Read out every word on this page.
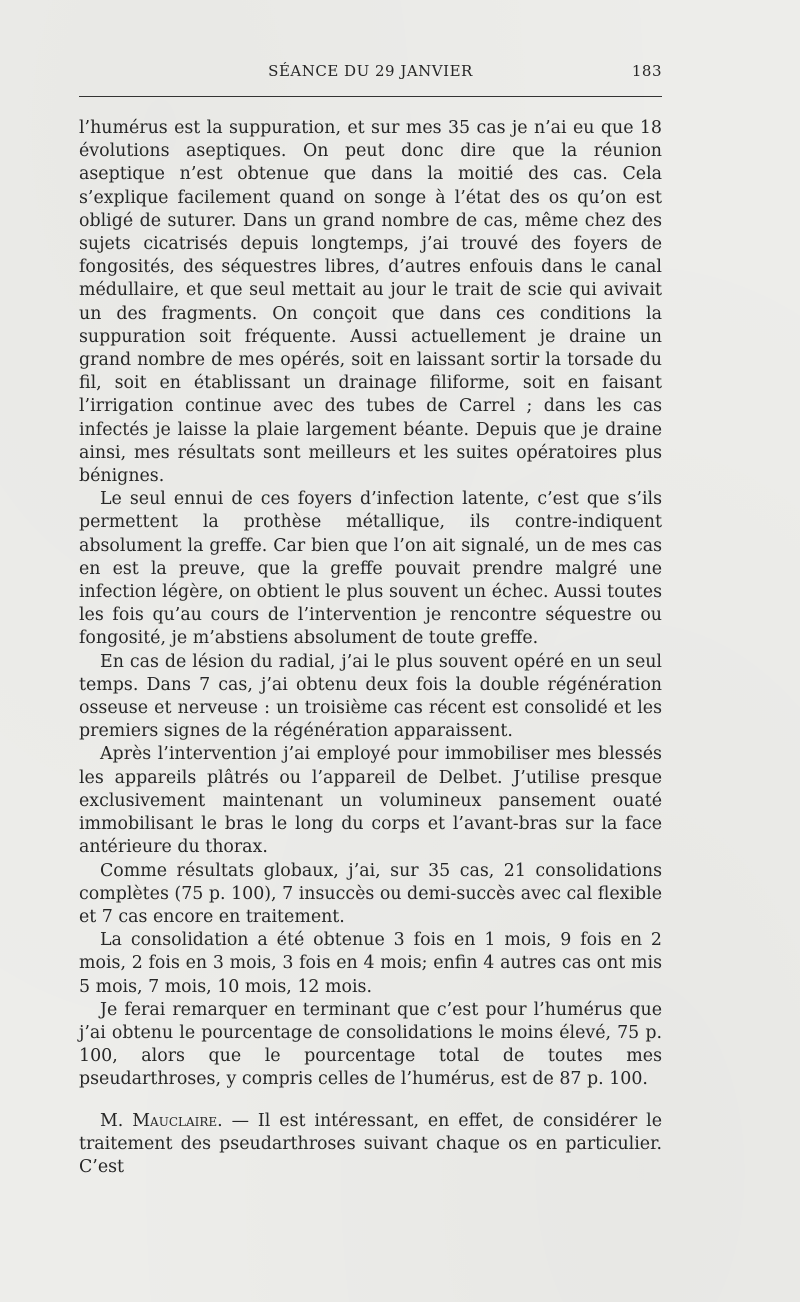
SÉANCE DU 29 JANVIER	183

l’humérus est la suppuration, et sur mes 35 cas je n’ai eu que 18 évolutions aseptiques. On peut donc dire que la réunion aseptique n’est obtenue que dans la moitié des cas. Cela s’explique facilement quand on songe à l’état des os qu’on est obligé de suturer. Dans un grand nombre de cas, même chez des sujets cicatrisés depuis longtemps, j’ai trouvé des foyers de fongosités, des séquestres libres, d’autres enfouis dans le canal médullaire, et que seul mettait au jour le trait de scie qui avivait un des fragments. On conçoit que dans ces conditions la suppuration soit fréquente. Aussi actuellement je draine un grand nombre de mes opérés, soit en laissant sortir la torsade du fil, soit en établissant un drainage filiforme, soit en faisant l’irrigation continue avec des tubes de Carrel ; dans les cas infectés je laisse la plaie largement béante. Depuis que je draine ainsi, mes résultats sont meilleurs et les suites opératoires plus bénignes.

Le seul ennui de ces foyers d’infection latente, c’est que s’ils permettent la prothèse métallique, ils contre-indiquent absolument la greffe. Car bien que l’on ait signalé, un de mes cas en est la preuve, que la greffe pouvait prendre malgré une infection légère, on obtient le plus souvent un échec. Aussi toutes les fois qu’au cours de l’intervention je rencontre séquestre ou fongosité, je m’abstiens absolument de toute greffe.

En cas de lésion du radial, j’ai le plus souvent opéré en un seul temps. Dans 7 cas, j’ai obtenu deux fois la double régénération osseuse et nerveuse : un troisième cas récent est consolidé et les premiers signes de la régénération apparaissent.

Après l’intervention j’ai employé pour immobiliser mes blessés les appareils plâtrés ou l’appareil de Delbet. J’utilise presque exclusivement maintenant un volumineux pansement ouaté immobilisant le bras le long du corps et l’avant-bras sur la face antérieure du thorax.

Comme résultats globaux, j’ai, sur 35 cas, 21 consolidations complètes (75 p. 100), 7 insuccès ou demi-succès avec cal flexible et 7 cas encore en traitement.

La consolidation a été obtenue 3 fois en 1 mois, 9 fois en 2 mois, 2 fois en 3 mois, 3 fois en 4 mois; enfin 4 autres cas ont mis 5 mois, 7 mois, 10 mois, 12 mois.

Je ferai remarquer en terminant que c’est pour l’humérus que j’ai obtenu le pourcentage de consolidations le moins élevé, 75 p. 100, alors que le pourcentage total de toutes mes pseudarthroses, y compris celles de l’humérus, est de 87 p. 100.

M. Mauclaire. — Il est intéressant, en effet, de considérer le traitement des pseudarthroses suivant chaque os en particulier. C’est
